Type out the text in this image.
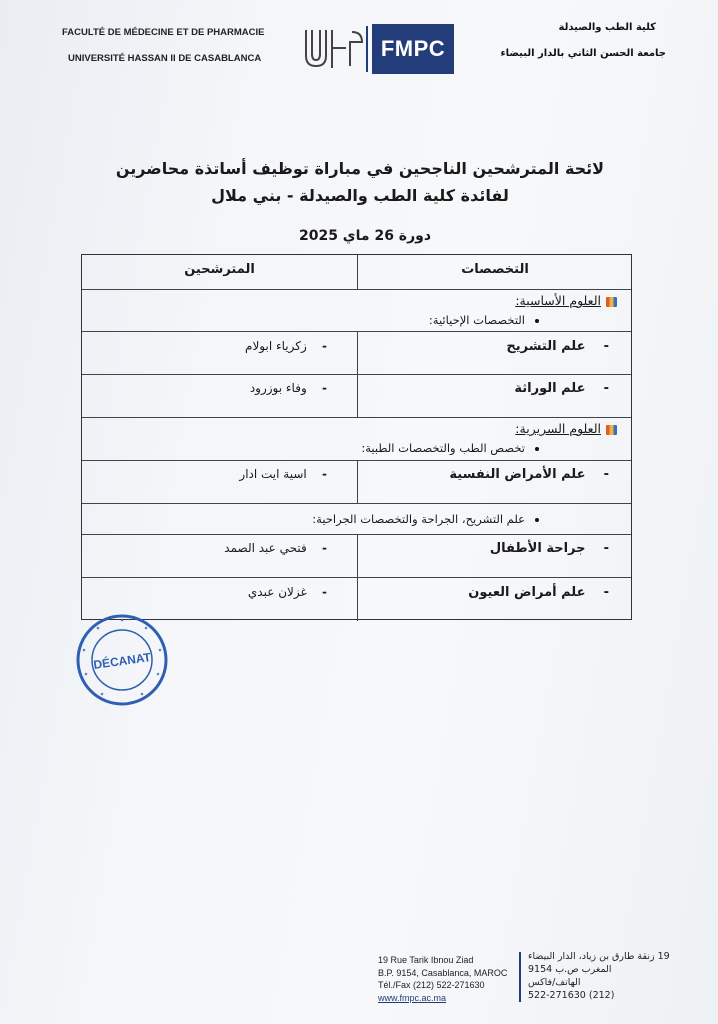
FACULTÉ DE MÉDECINE ET DE PHARMACIE
UNIVERSITÉ HASSAN II DE CASABLANCA	FMPC
كلية الطب والصيدلة
جامعة الحسن الثاني بالدار البيضاء
لائحة المترشحين الناجحين في مباراة توظيف أساتذة محاضرين لفائدة كلية الطب والصيدلة - بني ملال
دورة 26 ماي 2025
التخصصات
المترشحين
العلوم الأساسية:
التخصصات الإحيائية:
-    علم التشريح
-    زكرياء ابولام
-    علم الوراثة
-    وفاء بوزرود
العلوم السريرية:
تخصص الطب والتخصصات الطبية:
-    علم الأمراض النفسية
-    اسية ايت ادار
علم التشريح، الجراحة والتخصصات الجراحية:
-    جراحة الأطفال
-    فتحي عبد الصمد
-    علم أمراض العيون
-    غزلان عبدي
DÉCANAT
19 Rue Tarik Ibnou Ziad
B.P. 9154, Casablanca, MAROC
Tél./Fax (212) 522-271630
www.fmpc.ac.ma
19 زنقة طارق بن زياد، الدار البيضاء
المغرب ص.ب 9154
الهاتف/فاكس
(212) 522-271630
